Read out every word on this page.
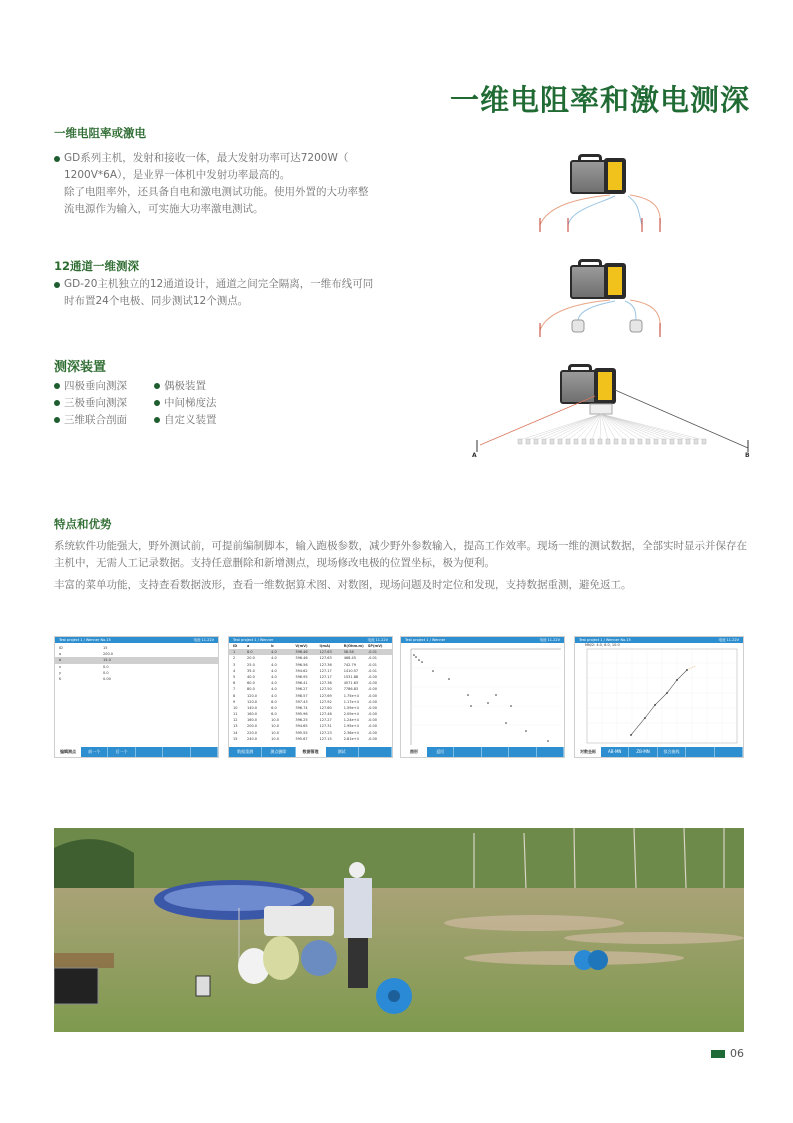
一维电阻率和激电测深
一维电阻率或激电
GD系列主机，发射和接收一体，最大发射功率可达7200W（
1200V*6A），是业界一体机中发射功率最高的。
除了电阻率外，还具备自电和激电测试功能。使用外置的大功率整
流电源作为输入，可实施大功率激电测试。
12通道一维测深
GD-20主机独立的12通道设计，通道之间完全隔离，一维布线可同
时布置24个电极、同步测试12个测点。
测深装置
四极垂向测深	偶极装置
三极垂向测深	中间梯度法
三维联合剖面	自定义装置
A	B
特点和优势

系统软件功能强大，野外测试前，可提前编制脚本，输入跑极参数，减少野外参数输入，提高工作效率。现场一维的测试数据，全部实时显示并保存在主机中，无需人工记录数据。支持任意删除和新增测点，现场修改电极的位置坐标，极为便利。

丰富的菜单功能，支持查看数据波形，查看一维数据算术图、对数图，现场问题及时定位和发现，支持数据重测，避免返工。

Test project 1 / Wenner No.15	电池 11.22V
ID	15
a	200.0
b	15.0
x	0.0
y	0.0
K	0.00
编辑测点	前一个	后一个
Test project 1 / Wenner	电池 11.22V
ID	a	b	V(mV)	I(mA)	R(Ohm.m)	SP(mV)
1	8.0	4.0	396.46	127.63	58.58	-0.01
2	20.0	4.0	396.46	127.63	468.45	-0.01
3	25.0	4.0	396.56	127.36	742.79	-0.01
4	35.0	4.0	394.62	127.17	1410.57	-0.01
5	40.0	4.0	396.95	127.17	1531.88	-0.00
6	60.0	4.0	396.41	127.36	4571.63	-0.00
7	80.0	4.0	396.27	127.50	7786.83	-0.00
8	120.0	4.0	398.57	127.69	1.75e+4	-0.00
9	120.0	6.0	397.43	127.92	1.17e+4	-0.00
10	140.0	6.0	396.74	127.60	1.59e+4	-0.00
11	160.0	6.0	395.96	127.46	2.09e+4	-0.00
12	160.0	10.0	396.25	127.27	1.24e+4	-0.00
13	200.0	10.0	394.65	127.31	1.95e+4	-0.00
14	220.0	10.0	395.55	127.23	2.36e+4	-0.00
15	240.0	10.0	395.67	127.15	2.81e+4	-0.00
数据重测	测点删除	数据管理	测试
Test project 1 / Wenner	电池 11.22V
图形	返回
Test project 1 / Wenner No.15	电池 11.22V
MN/2: 4.0, 6.0, 10.0
对数坐标	AB-MN	ZB-MN	拟合曲线
06
